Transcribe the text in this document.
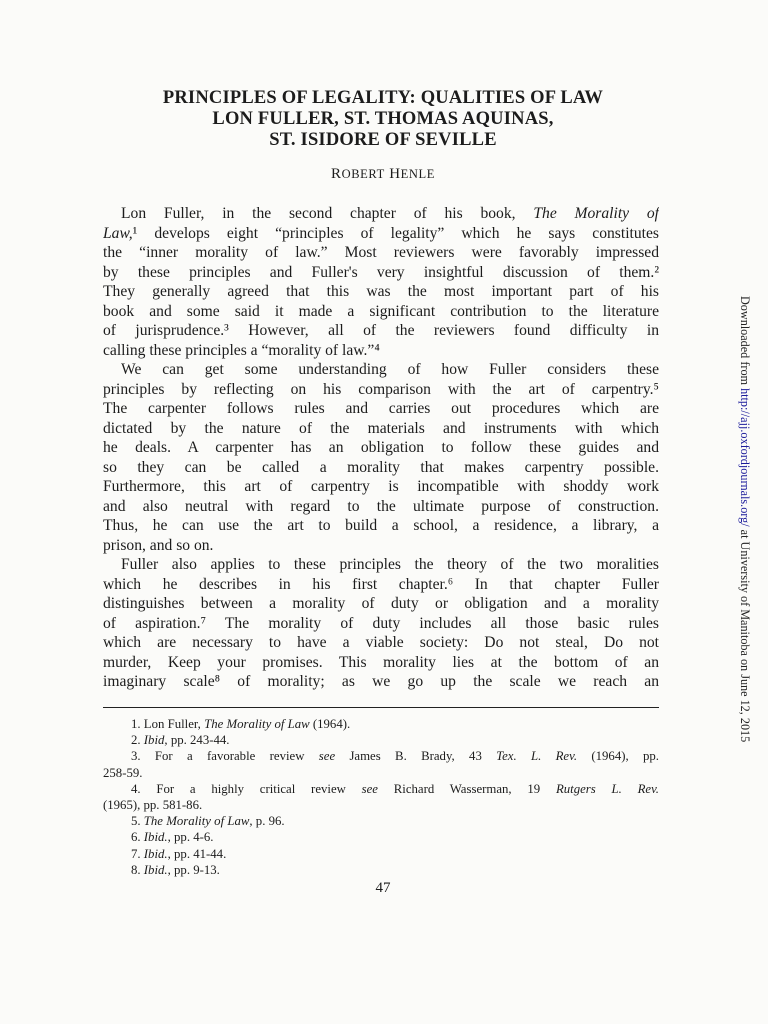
PRINCIPLES OF LEGALITY: QUALITIES OF LAW
LON FULLER, ST. THOMAS AQUINAS,
ST. ISIDORE OF SEVILLE
ROBERT HENLE
Lon Fuller, in the second chapter of his book, The Morality of
Law,¹ develops eight “principles of legality” which he says constitutes
the “inner morality of law.” Most reviewers were favorably impressed
by these principles and Fuller's very insightful discussion of them.²
They generally agreed that this was the most important part of his
book and some said it made a significant contribution to the literature
of jurisprudence.³ However, all of the reviewers found difficulty in
calling these principles a “morality of law.”⁴
We can get some understanding of how Fuller considers these
principles by reflecting on his comparison with the art of carpentry.⁵
The carpenter follows rules and carries out procedures which are
dictated by the nature of the materials and instruments with which
he deals. A carpenter has an obligation to follow these guides and
so they can be called a morality that makes carpentry possible.
Furthermore, this art of carpentry is incompatible with shoddy work
and also neutral with regard to the ultimate purpose of construction.
Thus, he can use the art to build a school, a residence, a library, a
prison, and so on.
Fuller also applies to these principles the theory of the two moralities
which he describes in his first chapter.⁶ In that chapter Fuller
distinguishes between a morality of duty or obligation and a morality
of aspiration.⁷ The morality of duty includes all those basic rules
which are necessary to have a viable society: Do not steal, Do not
murder, Keep your promises. This morality lies at the bottom of an
imaginary scale⁸ of morality; as we go up the scale we reach an
1. Lon Fuller, The Morality of Law (1964).
2. Ibid, pp. 243-44.
3. For a favorable review see James B. Brady, 43 Tex. L. Rev. (1964), pp.
258-59.
4. For a highly critical review see Richard Wasserman, 19 Rutgers L. Rev.
(1965), pp. 581-86.
5. The Morality of Law, p. 96.
6. Ibid., pp. 4-6.
7. Ibid., pp. 41-44.
8. Ibid., pp. 9-13.
47
Downloaded from http://ajj.oxfordjournals.org/ at University of Manitoba on June 12, 2015
